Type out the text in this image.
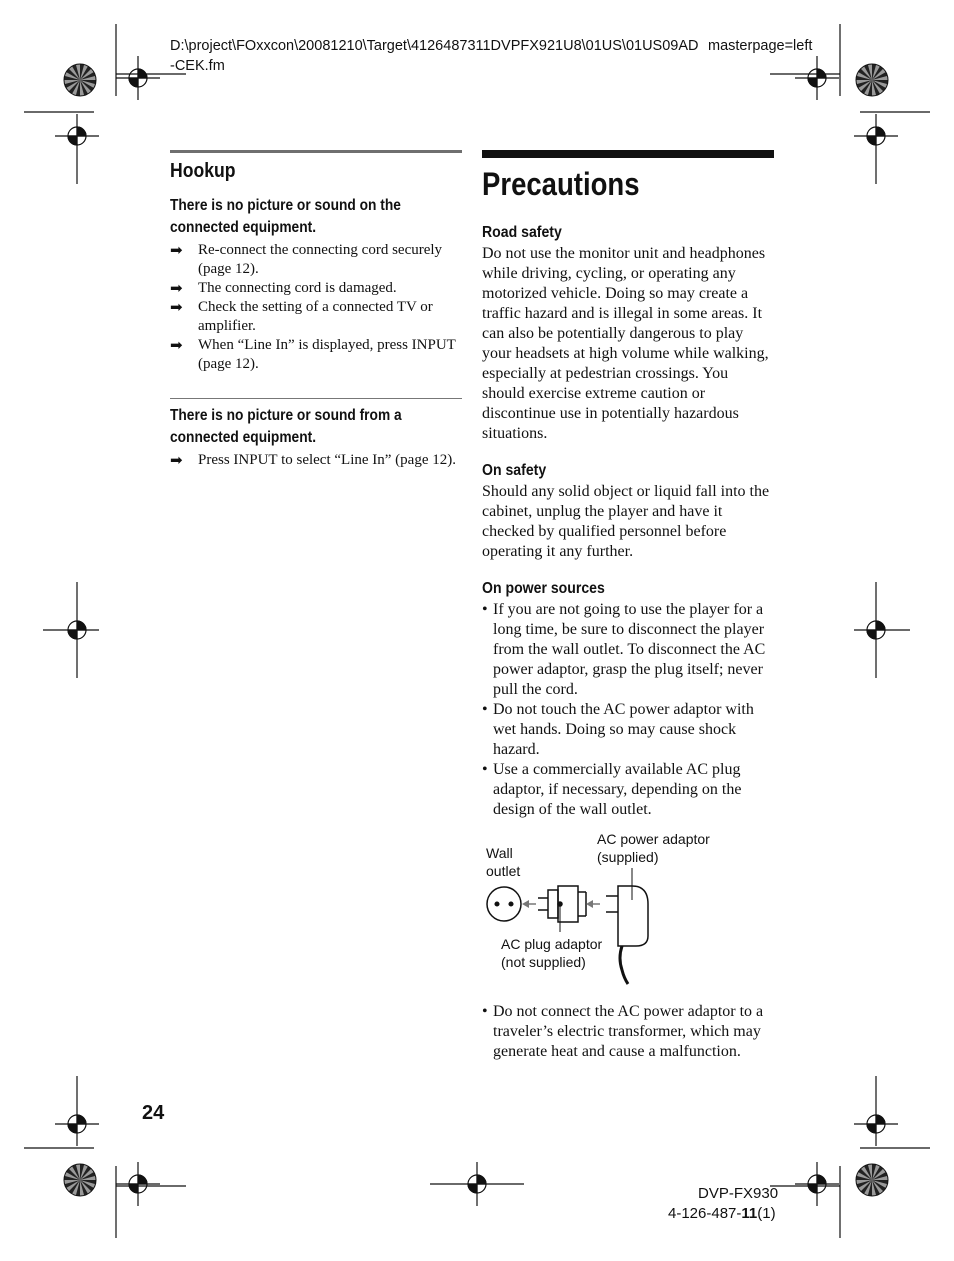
D:\project\FOxxcon\20081210\Target\4126487311DVPFX921U8\01US\01US09AD
-CEK.fm
masterpage=left
Hookup
There is no picture or sound on the
connected equipment.
➡ Re-connect the connecting cord securely (page 12).
➡ The connecting cord is damaged.
➡ Check the setting of a connected TV or amplifier.
➡ When “Line In” is displayed, press INPUT (page 12).
There is no picture or sound from a
connected equipment.
➡ Press INPUT to select “Line In” (page 12).
Precautions
Road safety

Do not use the monitor unit and headphones while driving, cycling, or operating any motorized vehicle. Doing so may create a traffic hazard and is illegal in some areas. It can also be potentially dangerous to play your headsets at high volume while walking, especially at pedestrian crossings. You should exercise extreme caution or discontinue use in potentially hazardous situations.

On safety

Should any solid object or liquid fall into the cabinet, unplug the player and have it checked by qualified personnel before operating it any further.

On power sources
• If you are not going to use the player for a long time, be sure to disconnect the player from the wall outlet. To disconnect the AC power adaptor, grasp the plug itself; never pull the cord.
• Do not touch the AC power adaptor with wet hands. Doing so may cause shock hazard.
• Use a commercially available AC plug adaptor, if necessary, depending on the design of the wall outlet.
Wall
outlet
AC power adaptor
(supplied)
AC plug adaptor
(not supplied)
• Do not connect the AC power adaptor to a traveler’s electric transformer, which may generate heat and cause a malfunction.
24
DVP-FX930
4-126-487-11(1)
